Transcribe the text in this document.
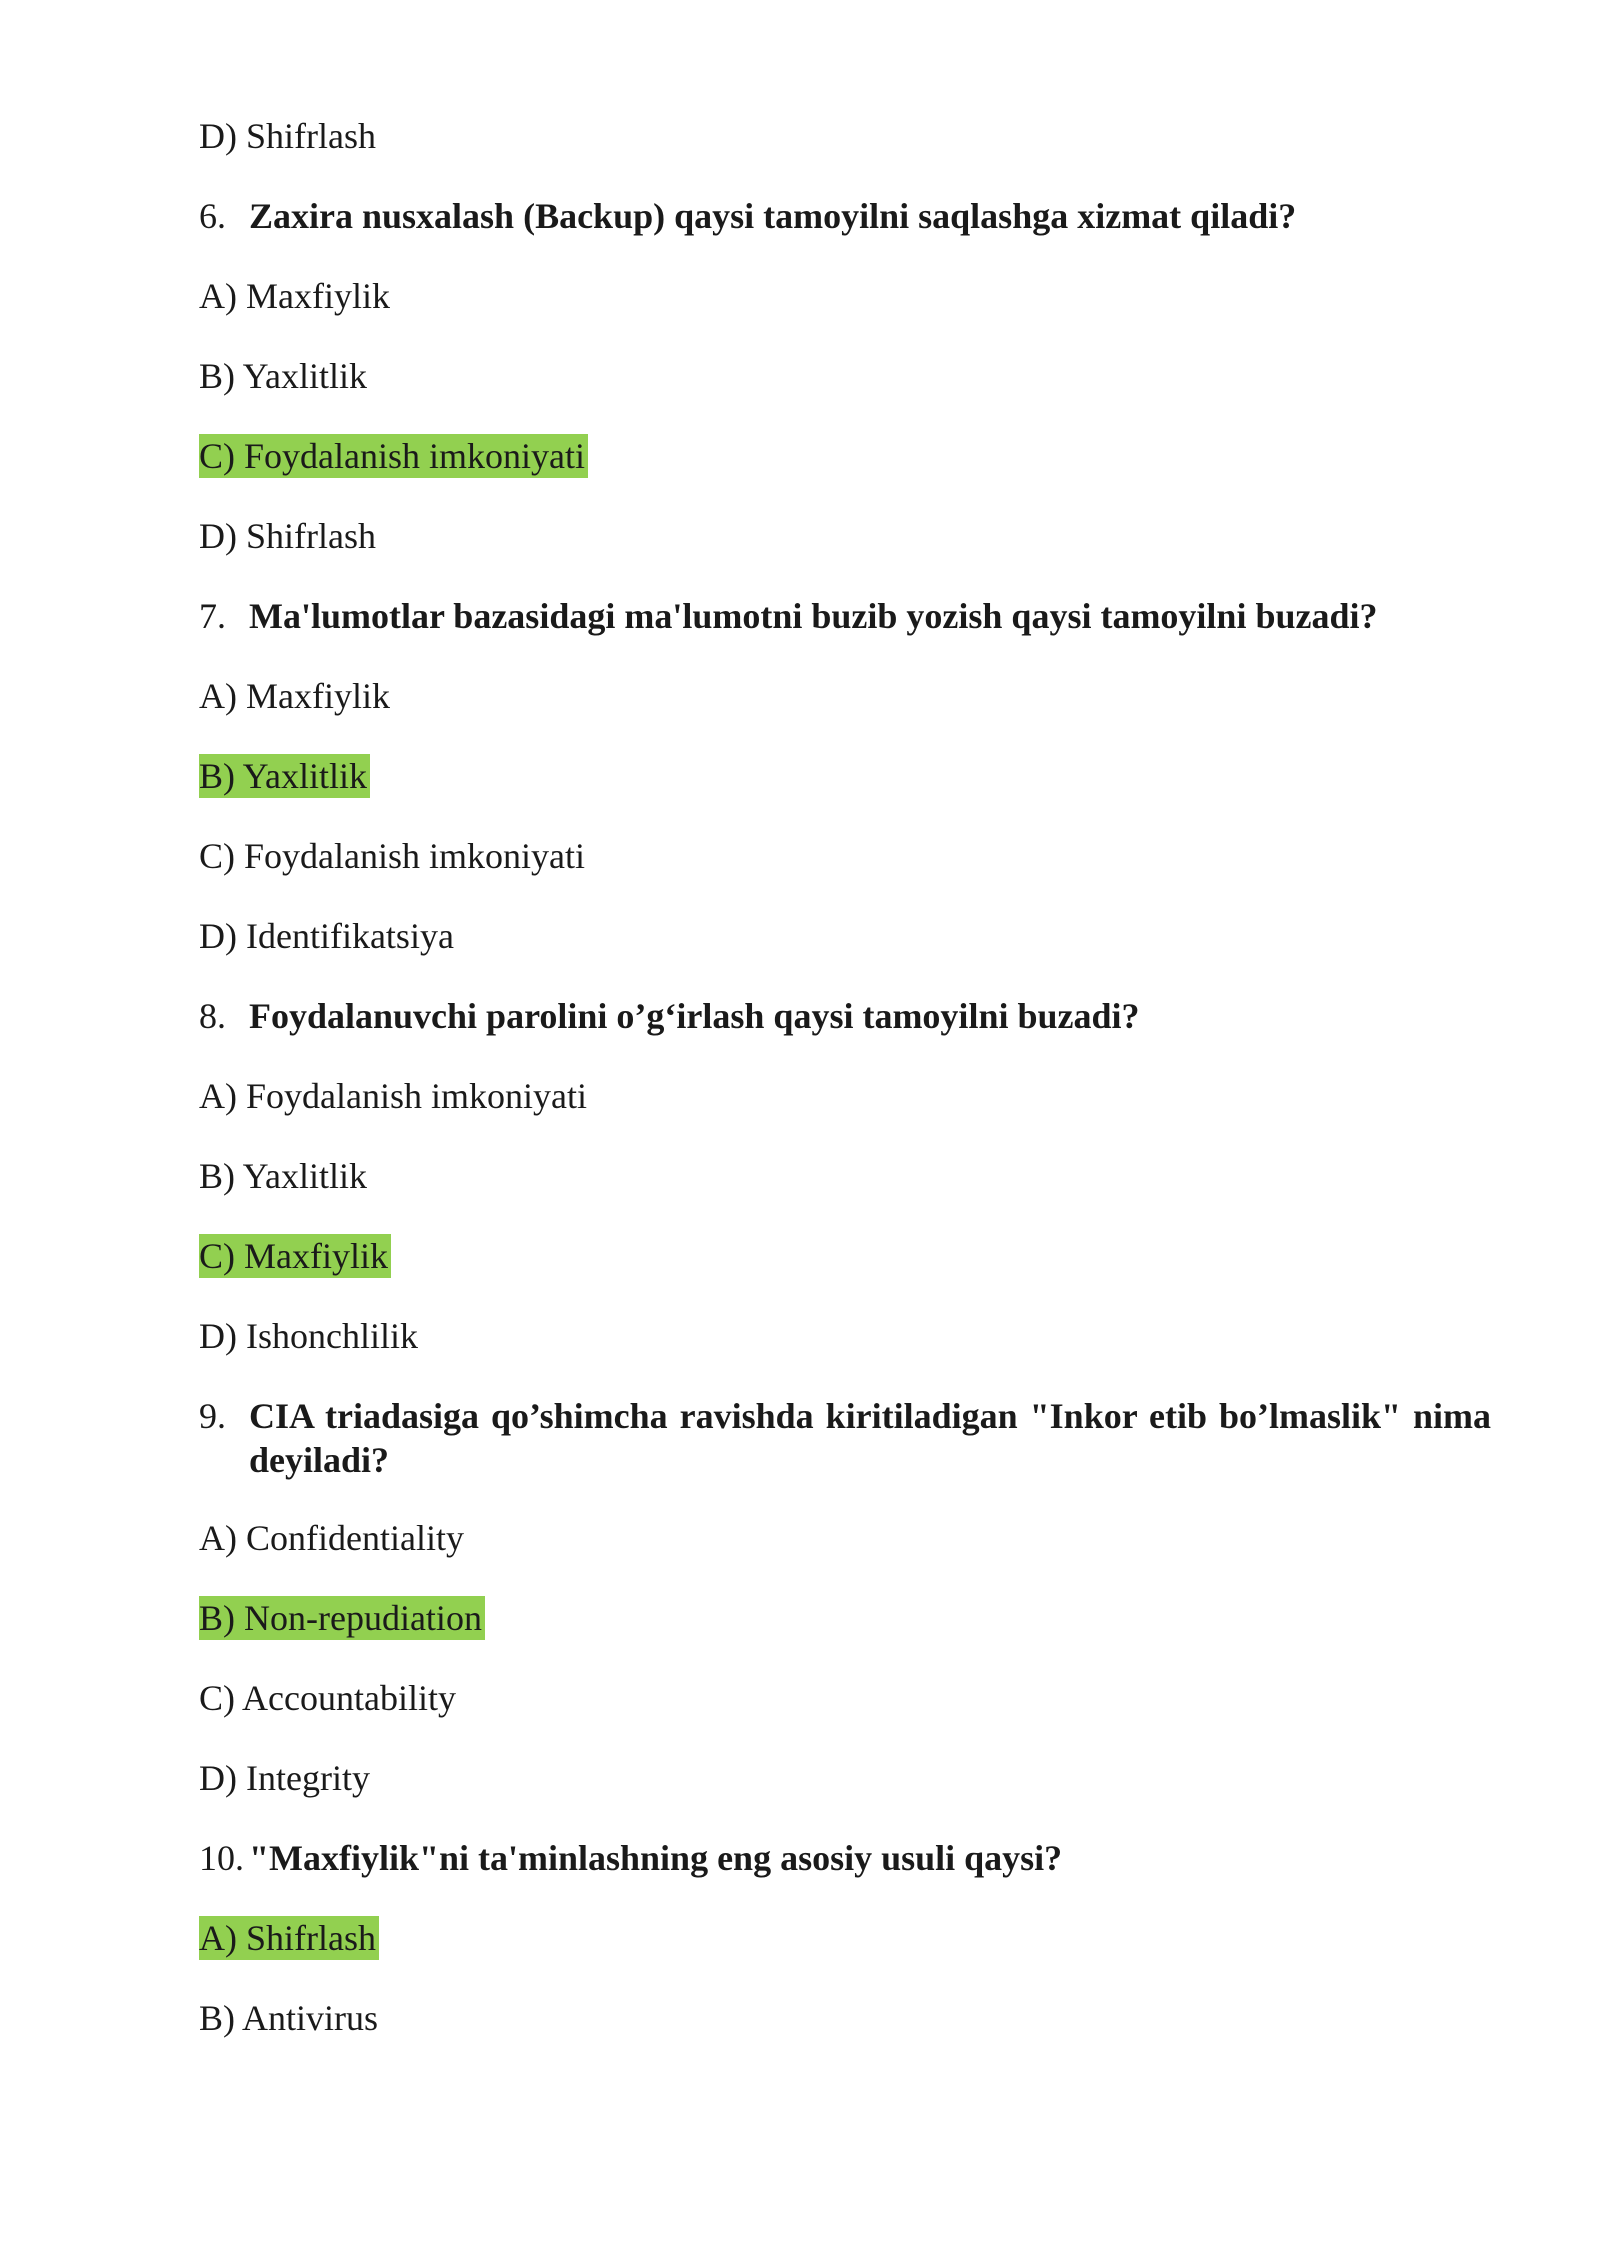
D) Shifrlash
6. Zaxira nusxalash (Backup) qaysi tamoyilni saqlashga xizmat qiladi?
A) Maxfiylik
B) Yaxlitlik
C) Foydalanish imkoniyati
D) Shifrlash
7. Ma'lumotlar bazasidagi ma'lumotni buzib yozish qaysi tamoyilni buzadi?
A) Maxfiylik
B) Yaxlitlik
C) Foydalanish imkoniyati
D) Identifikatsiya
8. Foydalanuvchi parolini o’g‘irlash qaysi tamoyilni buzadi?
A) Foydalanish imkoniyati
B) Yaxlitlik
C) Maxfiylik
D) Ishonchlilik
9. CIA triadasiga qo’shimcha ravishda kiritiladigan "Inkor etib bo’lmaslik" nima deyiladi?
A) Confidentiality
B) Non-repudiation
C) Accountability
D) Integrity
10. "Maxfiylik"ni ta'minlashning eng asosiy usuli qaysi?
A) Shifrlash
B) Antivirus
